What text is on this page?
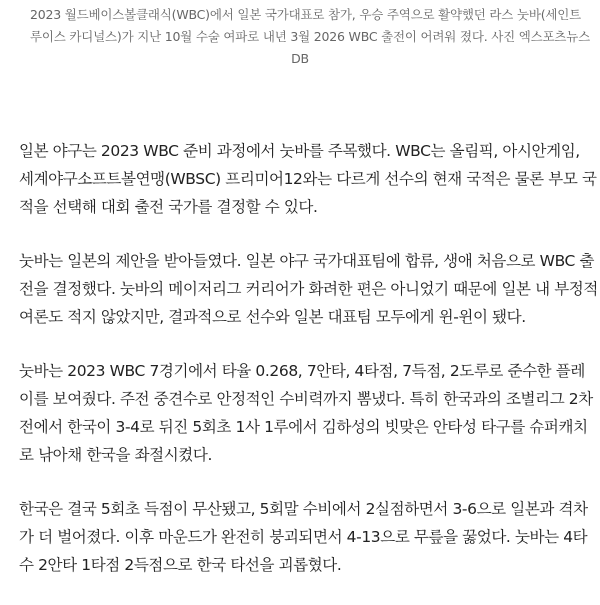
2023 월드베이스볼클래식(WBC)에서 일본 국가대표로 참가, 우승 주역으로 활약했던 라스 눗바(세인트
루이스 카디널스)가 지난 10월 수술 여파로 내년 3월 2026 WBC 출전이 어려워 졌다. 사진 엑스포츠뉴스
DB

일본 야구는 2023 WBC 준비 과정에서 눗바를 주목했다. WBC는 올림픽, 아시안게임,
세계야구소프트볼연맹(WBSC) 프리미어12와는 다르게 선수의 현재 국적은 물론 부모 국
적을 선택해 대회 출전 국가를 결정할 수 있다.

눗바는 일본의 제안을 받아들였다. 일본 야구 국가대표팀에 합류, 생애 처음으로 WBC 출
전을 결정했다. 눗바의 메이저리그 커리어가 화려한 편은 아니었기 때문에 일본 내 부정적
여론도 적지 않았지만, 결과적으로 선수와 일본 대표팀 모두에게 윈-윈이 됐다.

눗바는 2023 WBC 7경기에서 타율 0.268, 7안타, 4타점, 7득점, 2도루로 준수한 플레
이를 보여줬다. 주전 중견수로 안정적인 수비력까지 뽐냈다. 특히 한국과의 조별리그 2차
전에서 한국이 3-4로 뒤진 5회초 1사 1루에서 김하성의 빗맞은 안타성 타구를 슈퍼캐치
로 낚아채 한국을 좌절시켰다.

한국은 결국 5회초 득점이 무산됐고, 5회말 수비에서 2실점하면서 3-6으로 일본과 격차
가 더 벌어졌다. 이후 마운드가 완전히 붕괴되면서 4-13으로 무릎을 꿇었다. 눗바는 4타
수 2안타 1타점 2득점으로 한국 타선을 괴롭혔다.
